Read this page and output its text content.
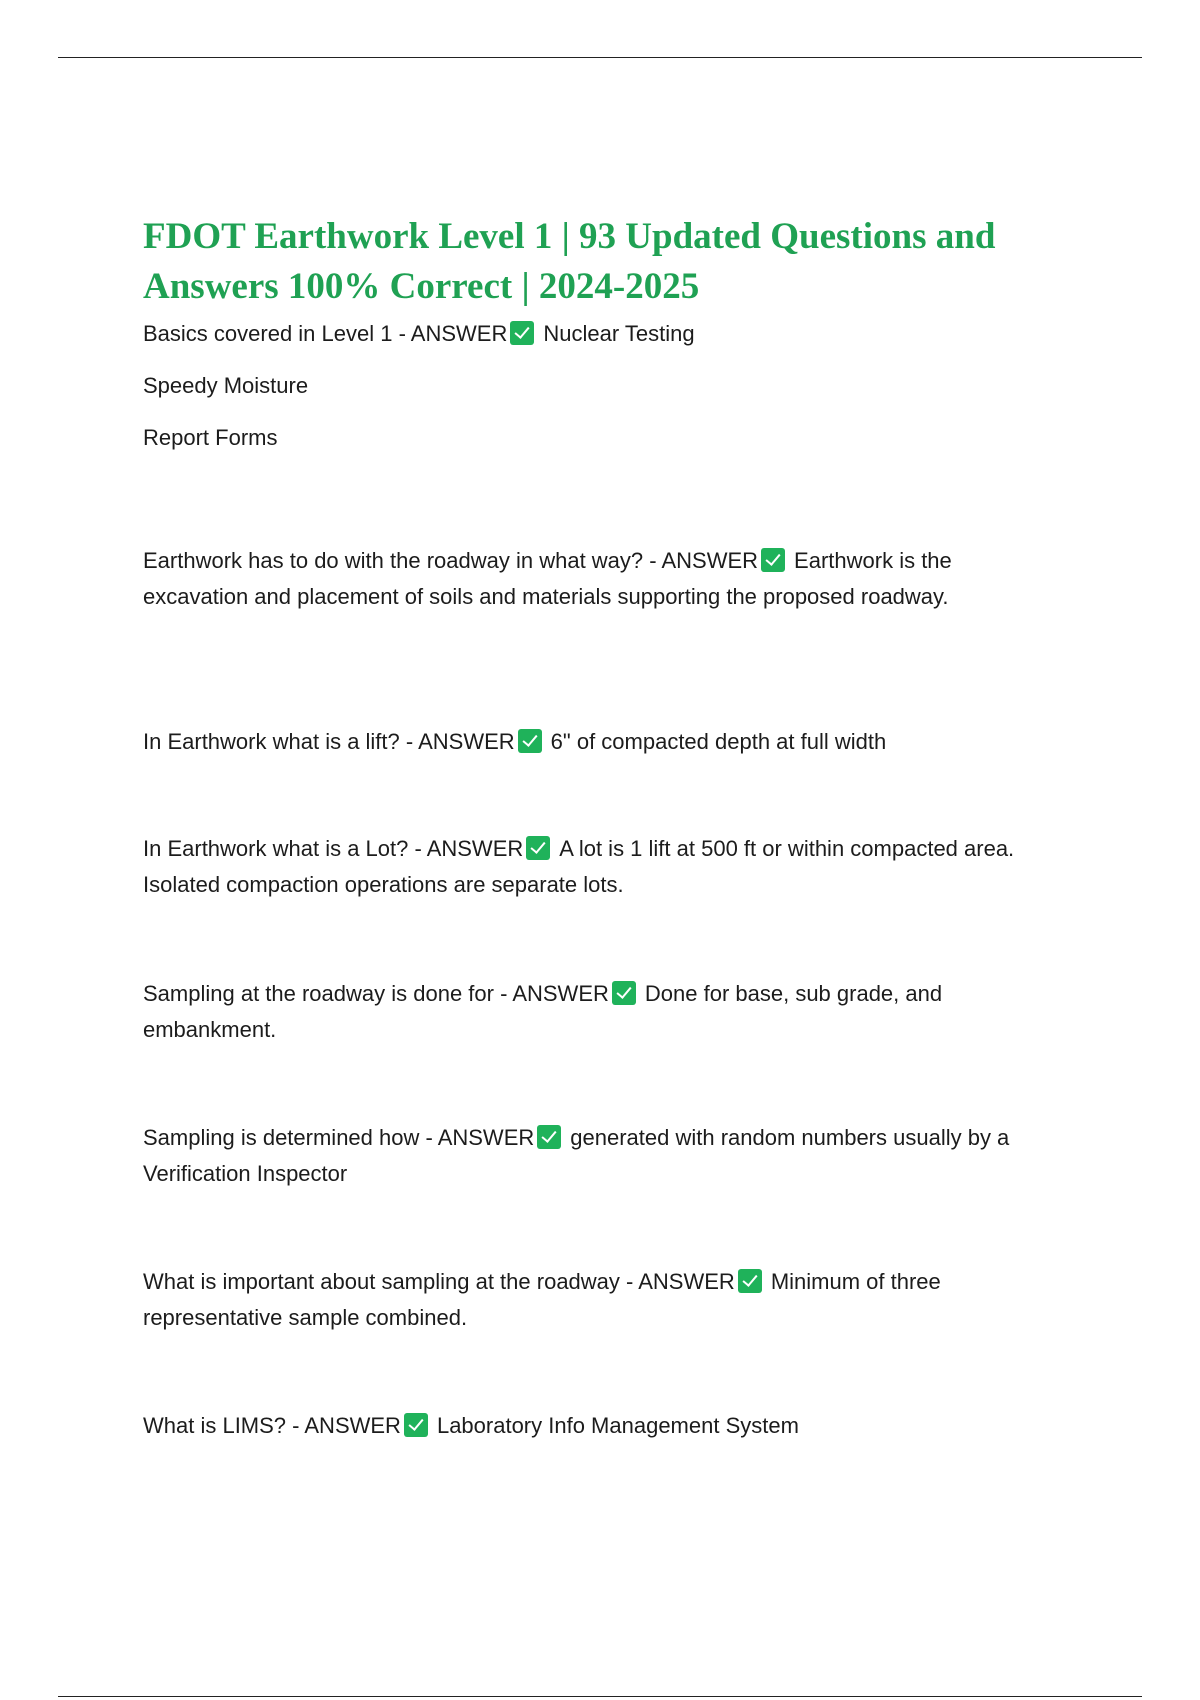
FDOT Earthwork Level 1 | 93 Updated Questions and Answers 100% Correct | 2024-2025

Basics covered in Level 1 - ANSWER Nuclear Testing

Speedy Moisture

Report Forms

Earthwork has to do with the roadway in what way? - ANSWER Earthwork is the excavation and placement of soils and materials supporting the proposed roadway.

In Earthwork what is a lift? - ANSWER 6" of compacted depth at full width

In Earthwork what is a Lot? - ANSWER A lot is 1 lift at 500 ft or within compacted area. Isolated compaction operations are separate lots.

Sampling at the roadway is done for - ANSWER Done for base, sub grade, and embankment.

Sampling is determined how - ANSWER generated with random numbers usually by a Verification Inspector

What is important about sampling at the roadway - ANSWER Minimum of three representative sample combined.

What is LIMS? - ANSWER Laboratory Info Management System
